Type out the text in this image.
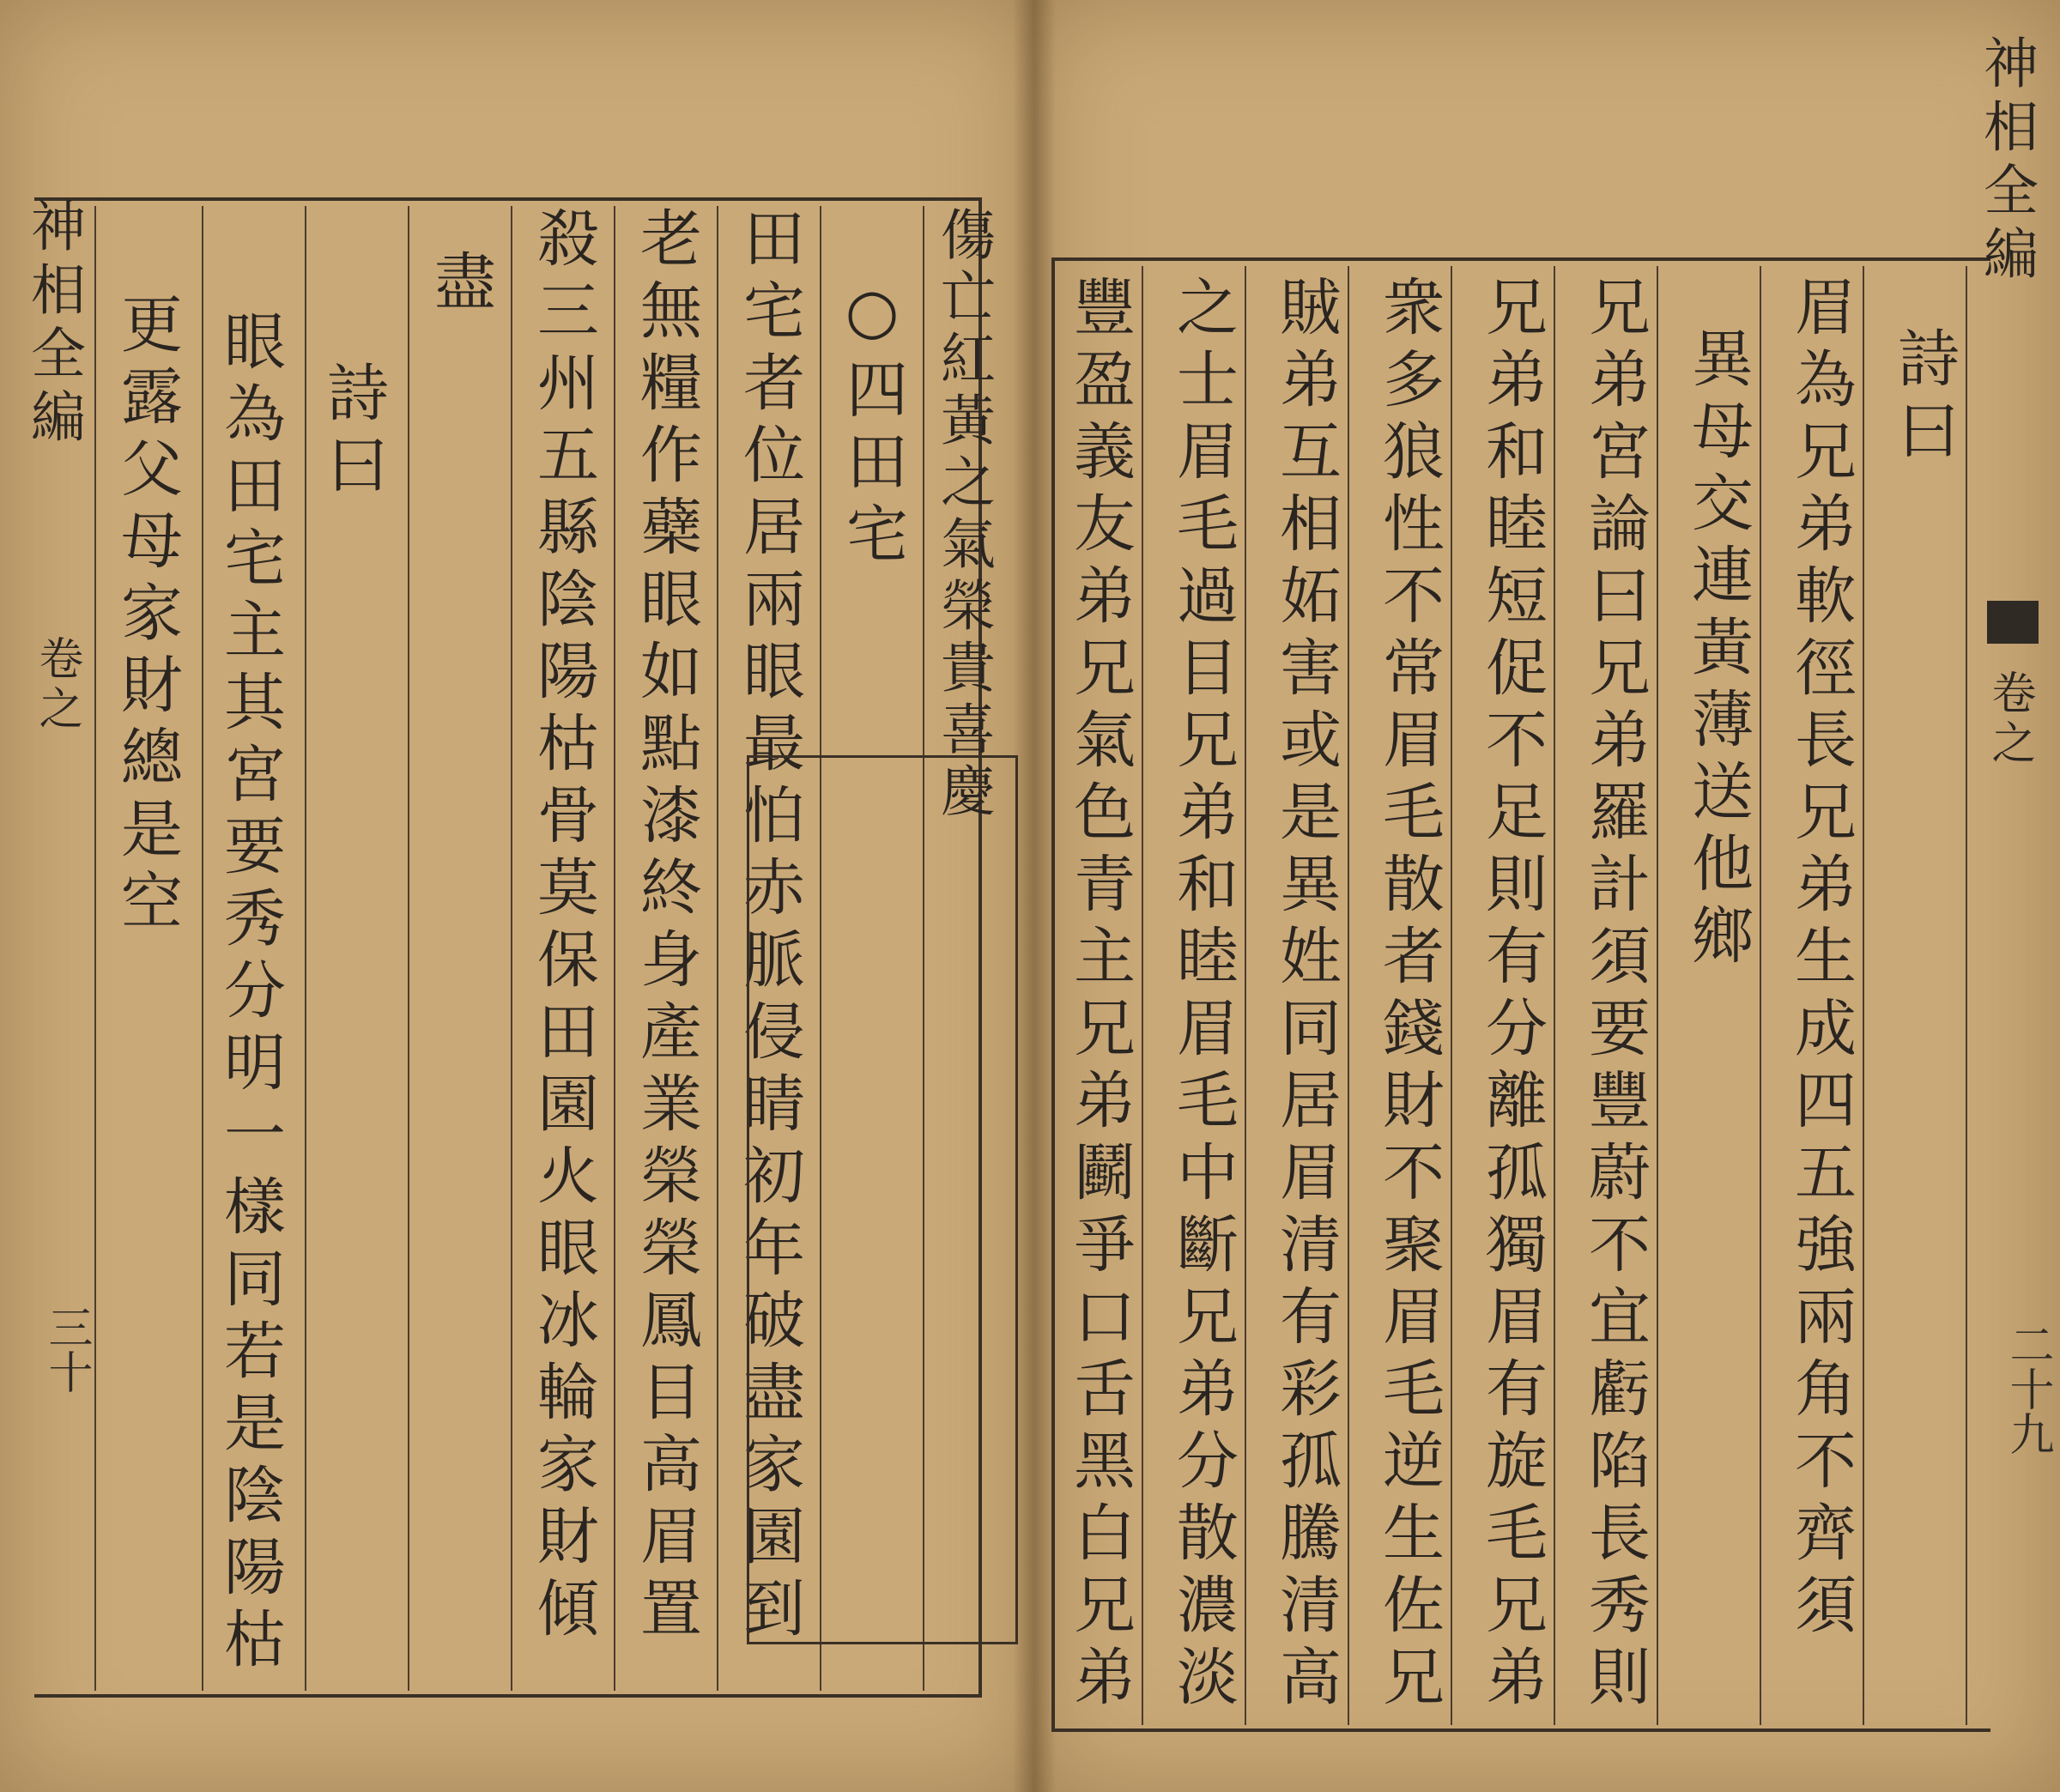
神相全編
卷之
三十
更露父母家財總是空 眼為田宅主其宮要秀分明一樣同若是陰陽枯 詩曰
盡 殺三州五縣陰陽枯骨莫保田園火眼冰輪家財傾 老無糧作蘗眼如點漆終身產業榮榮鳳目高眉置 田宅者位居兩眼最怕赤脈侵睛初年破盡家園到 ○四田宅 傷亡紅黃之氣榮貴喜慶
神相全編
卷之
二十九
豐盈義友弟兄氣色青主兄弟鬬爭口舌黑白兄弟 之士眉毛過目兄弟和睦眉毛中斷兄弟分散濃淡 賊弟互相妬害或是異姓同居眉清有彩孤騰清高 衆多狼性不常眉毛散者錢財不聚眉毛逆生佐兄 兄弟和睦短促不足則有分離孤獨眉有旋毛兄弟 兄弟宮論曰兄弟羅計須要豐蔚不宜虧陷長秀則 異母交連黃薄送他鄉 眉為兄弟軟徑長兄弟生成四五強兩角不齊須 詩曰
